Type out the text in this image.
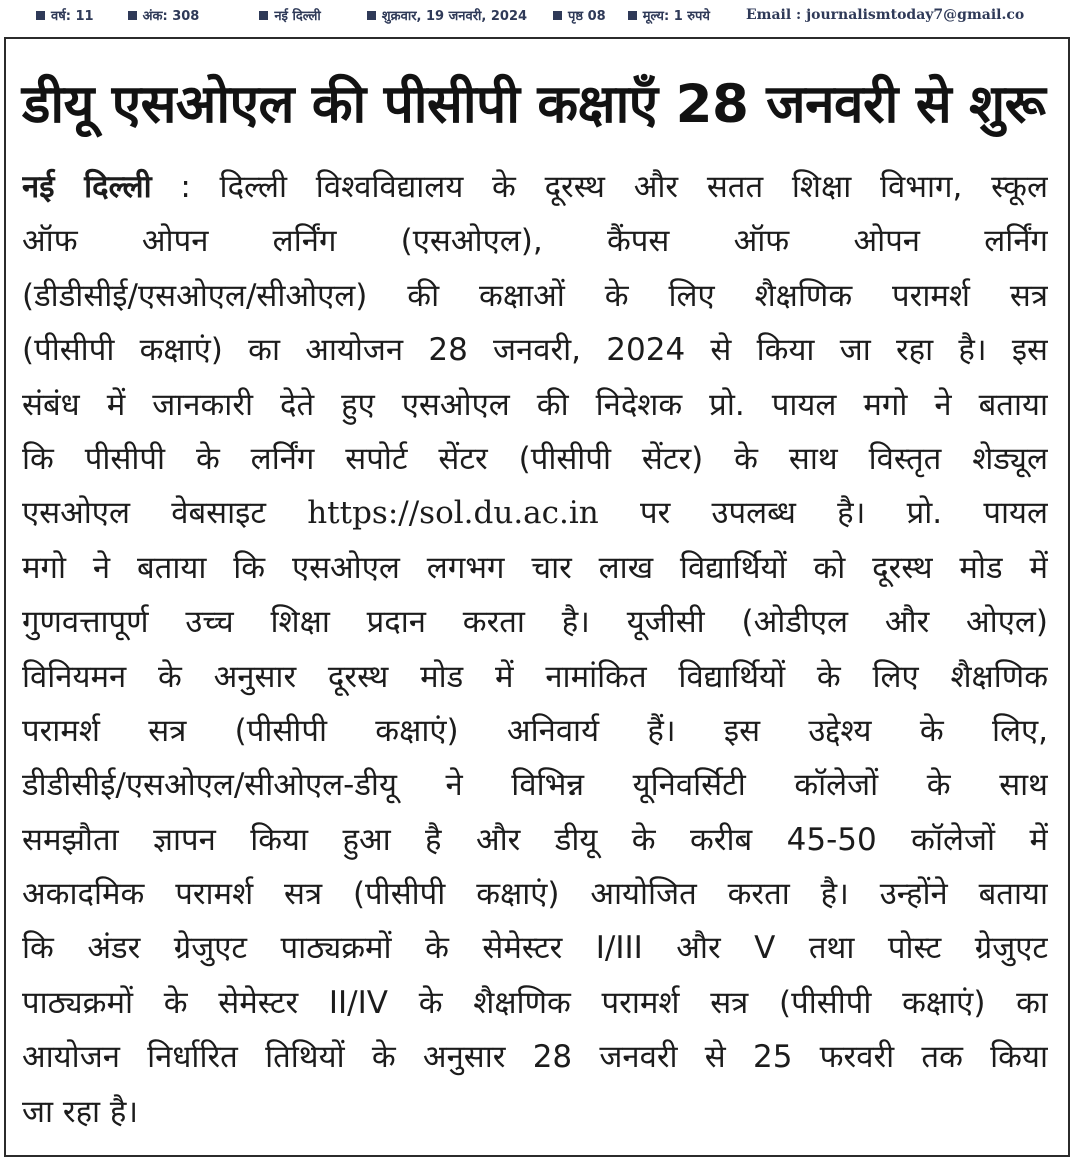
वर्ष: 11	अंक: 308	नई दिल्ली	शुक्रवार, 19 जनवरी, 2024	पृष्ठ 08	मूल्य: 1 रुपये	Email : journalismtoday7@gmail.co
डीयू एसओएल की पीसीपी कक्षाएँ 28 जनवरी से शुरू
नई दिल्ली : दिल्ली विश्वविद्यालय के दूरस्थ और सतत शिक्षा विभाग, स्कूल
ऑफ ओपन लर्निंग (एसओएल), कैंपस ऑफ ओपन लर्निंग
(डीडीसीई/एसओएल/सीओएल) की कक्षाओं के लिए शैक्षणिक परामर्श सत्र
(पीसीपी कक्षाएं) का आयोजन 28 जनवरी, 2024 से किया जा रहा है। इस
संबंध में जानकारी देते हुए एसओएल की निदेशक प्रो. पायल मगो ने बताया
कि पीसीपी के लर्निंग सपोर्ट सेंटर (पीसीपी सेंटर) के साथ विस्तृत शेड्यूल
एसओएल वेबसाइट https://sol.du.ac.in पर उपलब्ध है। प्रो. पायल
मगो ने बताया कि एसओएल लगभग चार लाख विद्यार्थियों को दूरस्थ मोड में
गुणवत्तापूर्ण उच्च शिक्षा प्रदान करता है। यूजीसी (ओडीएल और ओएल)
विनियमन के अनुसार दूरस्थ मोड में नामांकित विद्यार्थियों के लिए शैक्षणिक
परामर्श सत्र (पीसीपी कक्षाएं) अनिवार्य हैं। इस उद्देश्य के लिए,
डीडीसीई/एसओएल/सीओएल-डीयू ने विभिन्न यूनिवर्सिटी कॉलेजों के साथ
समझौता ज्ञापन किया हुआ है और डीयू के करीब 45-50 कॉलेजों में
अकादमिक परामर्श सत्र (पीसीपी कक्षाएं) आयोजित करता है। उन्होंने बताया
कि अंडर ग्रेजुएट पाठ्यक्रमों के सेमेस्टर I/III और V तथा पोस्ट ग्रेजुएट
पाठ्यक्रमों के सेमेस्टर II/IV के शैक्षणिक परामर्श सत्र (पीसीपी कक्षाएं) का
आयोजन निर्धारित तिथियों के अनुसार 28 जनवरी से 25 फरवरी तक किया
जा रहा है।
